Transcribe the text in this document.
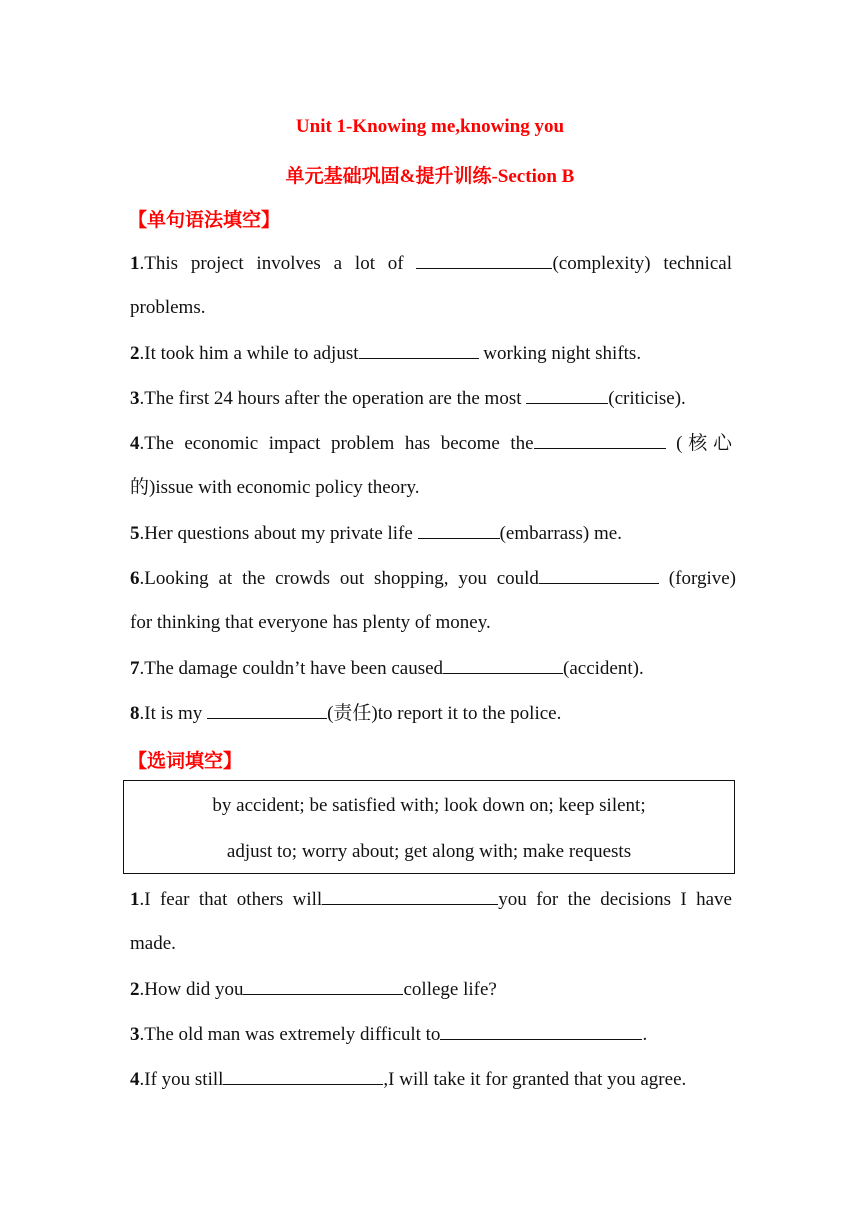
Unit 1-Knowing me,knowing you
单元基础巩固&提升训练-Section B
【单句语法填空】
1.This project involves a lot of	(complexity) technical
problems.
2.It took him a while to adjust	working night shifts.
3.The first 24 hours after the operation are the most	(criticise).
4.The economic impact problem has become the	(核心
的)issue with economic policy theory.
5.Her questions about my private life	(embarrass) me.
6.Looking at the crowds out shopping, you could	(forgive)
for thinking that everyone has plenty of money.
7.The damage couldn’t have been caused	(accident).
8.It is my	(责任)to report it to the police.
【选词填空】
by accident; be satisfied with; look down on; keep silent;
adjust to; worry about; get along with; make requests
1.I fear that others will	you for the decisions I have
made.
2.How did you	college life?
3.The old man was extremely difficult to	.
4.If you still	,I will take it for granted that you agree.
